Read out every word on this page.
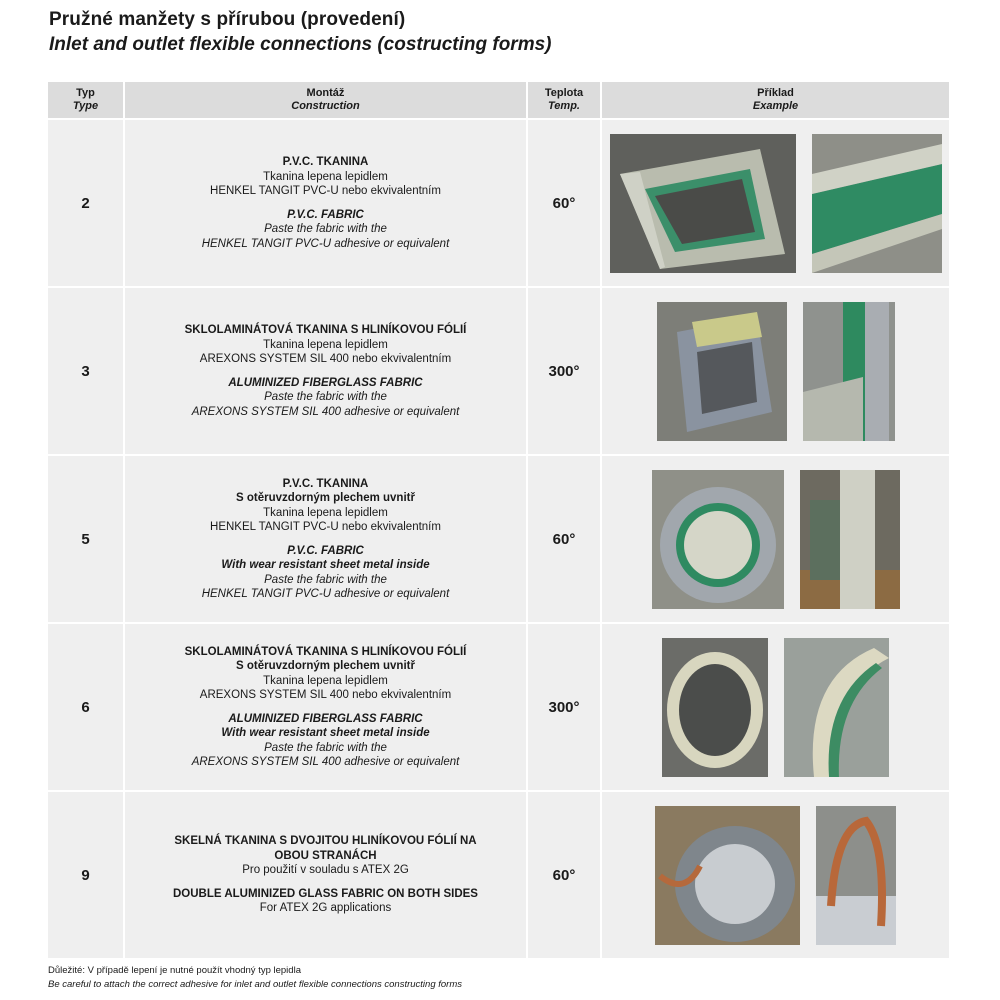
Pružné manžety s přírubou (provedení)
Inlet and outlet flexible connections (costructing forms)
Typ
Type
Montáž
Construction
Teplota
Temp.
Příklad
Example
2
P.V.C. TKANINA
Tkanina lepena lepidlem
HENKEL TANGIT PVC-U nebo ekvivalentním
P.V.C. FABRIC
Paste the fabric with the
HENKEL TANGIT PVC-U adhesive or equivalent
60°
3
SKLOLAMINÁTOVÁ TKANINA S HLINÍKOVOU FÓLIÍ
Tkanina lepena lepidlem
AREXONS SYSTEM SIL 400 nebo ekvivalentním
ALUMINIZED FIBERGLASS FABRIC
Paste the fabric with the
AREXONS SYSTEM SIL 400 adhesive or equivalent
300°
5
P.V.C. TKANINA
S otěruvzdorným plechem uvnitř
Tkanina lepena lepidlem
HENKEL TANGIT PVC-U nebo ekvivalentním
P.V.C. FABRIC
With wear resistant sheet metal inside
Paste the fabric with the
HENKEL TANGIT PVC-U adhesive or equivalent
60°
6
SKLOLAMINÁTOVÁ TKANINA S HLINÍKOVOU FÓLIÍ
S otěruvzdorným plechem uvnitř
Tkanina lepena lepidlem
AREXONS SYSTEM SIL 400 nebo ekvivalentním
ALUMINIZED FIBERGLASS FABRIC
With wear resistant sheet metal inside
Paste the fabric with the
AREXONS SYSTEM SIL 400 adhesive or equivalent
300°
9
SKELNÁ TKANINA S DVOJITOU HLINÍKOVOU FÓLIÍ NA
OBOU STRANÁCH
Pro použití v souladu s ATEX 2G
DOUBLE ALUMINIZED GLASS FABRIC ON BOTH SIDES
For ATEX 2G applications
60°
Důležité: V případě lepení je nutné použít vhodný typ lepidla
Be careful to attach the correct adhesive for inlet and outlet flexible connections constructing forms
